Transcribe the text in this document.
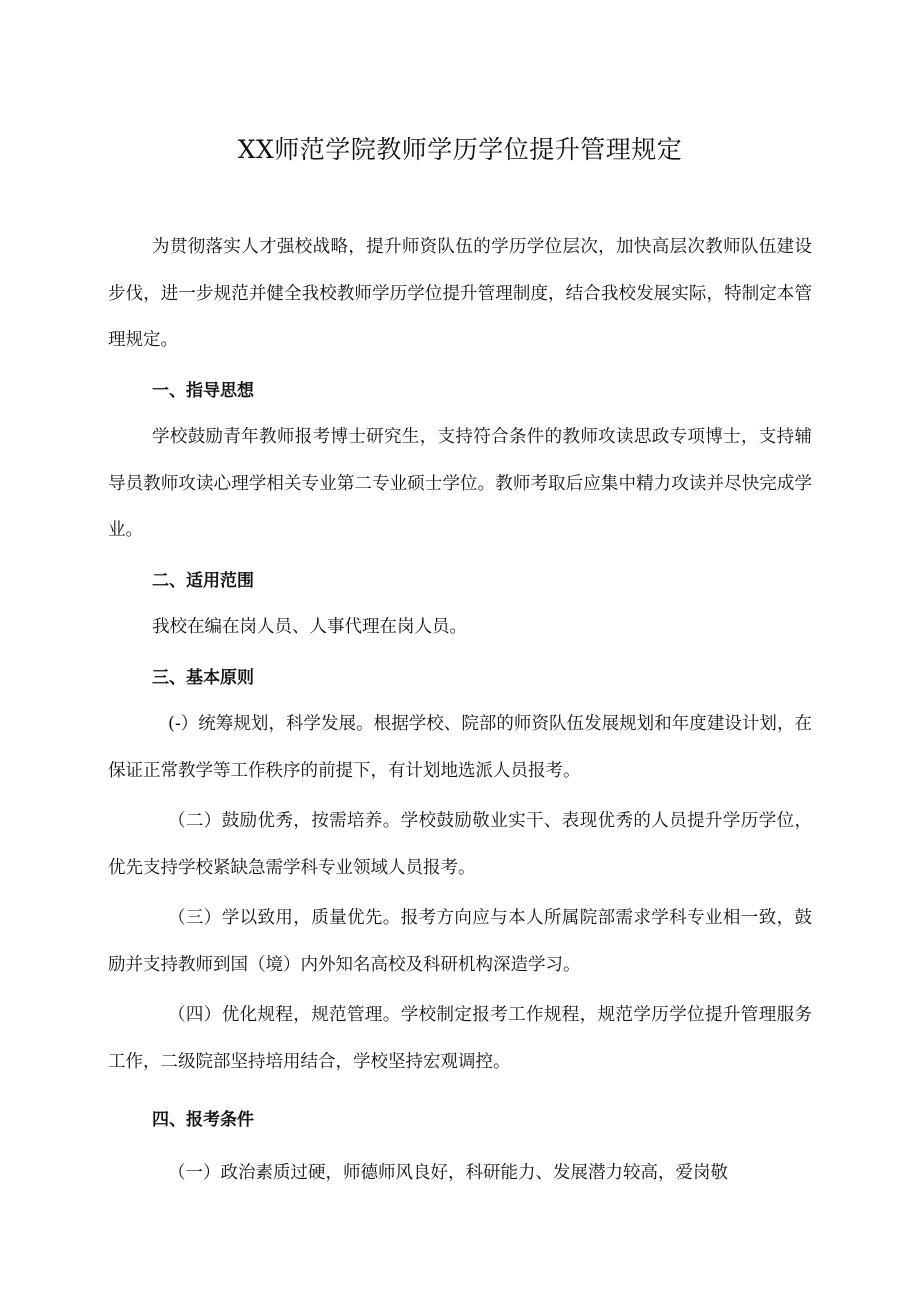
XX师范学院教师学历学位提升管理规定

为贯彻落实人才强校战略，提升师资队伍的学历学位层次，加快高层次教师队伍建设步伐，进一步规范并健全我校教师学历学位提升管理制度，结合我校发展实际，特制定本管理规定。

一、指导思想

学校鼓励青年教师报考博士研究生，支持符合条件的教师攻读思政专项博士，支持辅导员教师攻读心理学相关专业第二专业硕士学位。教师考取后应集中精力攻读并尽快完成学业。

二、适用范围

我校在编在岗人员、人事代理在岗人员。

三、基本原则

(-）统筹规划，科学发展。根据学校、院部的师资队伍发展规划和年度建设计划，在保证正常教学等工作秩序的前提下，有计划地选派人员报考。

（二）鼓励优秀，按需培养。学校鼓励敬业实干、表现优秀的人员提升学历学位，优先支持学校紧缺急需学科专业领域人员报考。

（三）学以致用，质量优先。报考方向应与本人所属院部需求学科专业相一致，鼓励并支持教师到国（境）内外知名高校及科研机构深造学习。

（四）优化规程，规范管理。学校制定报考工作规程，规范学历学位提升管理服务工作，二级院部坚持培用结合，学校坚持宏观调控。

四、报考条件

（一）政治素质过硬，师德师风良好，科研能力、发展潜力较高，爱岗敬
